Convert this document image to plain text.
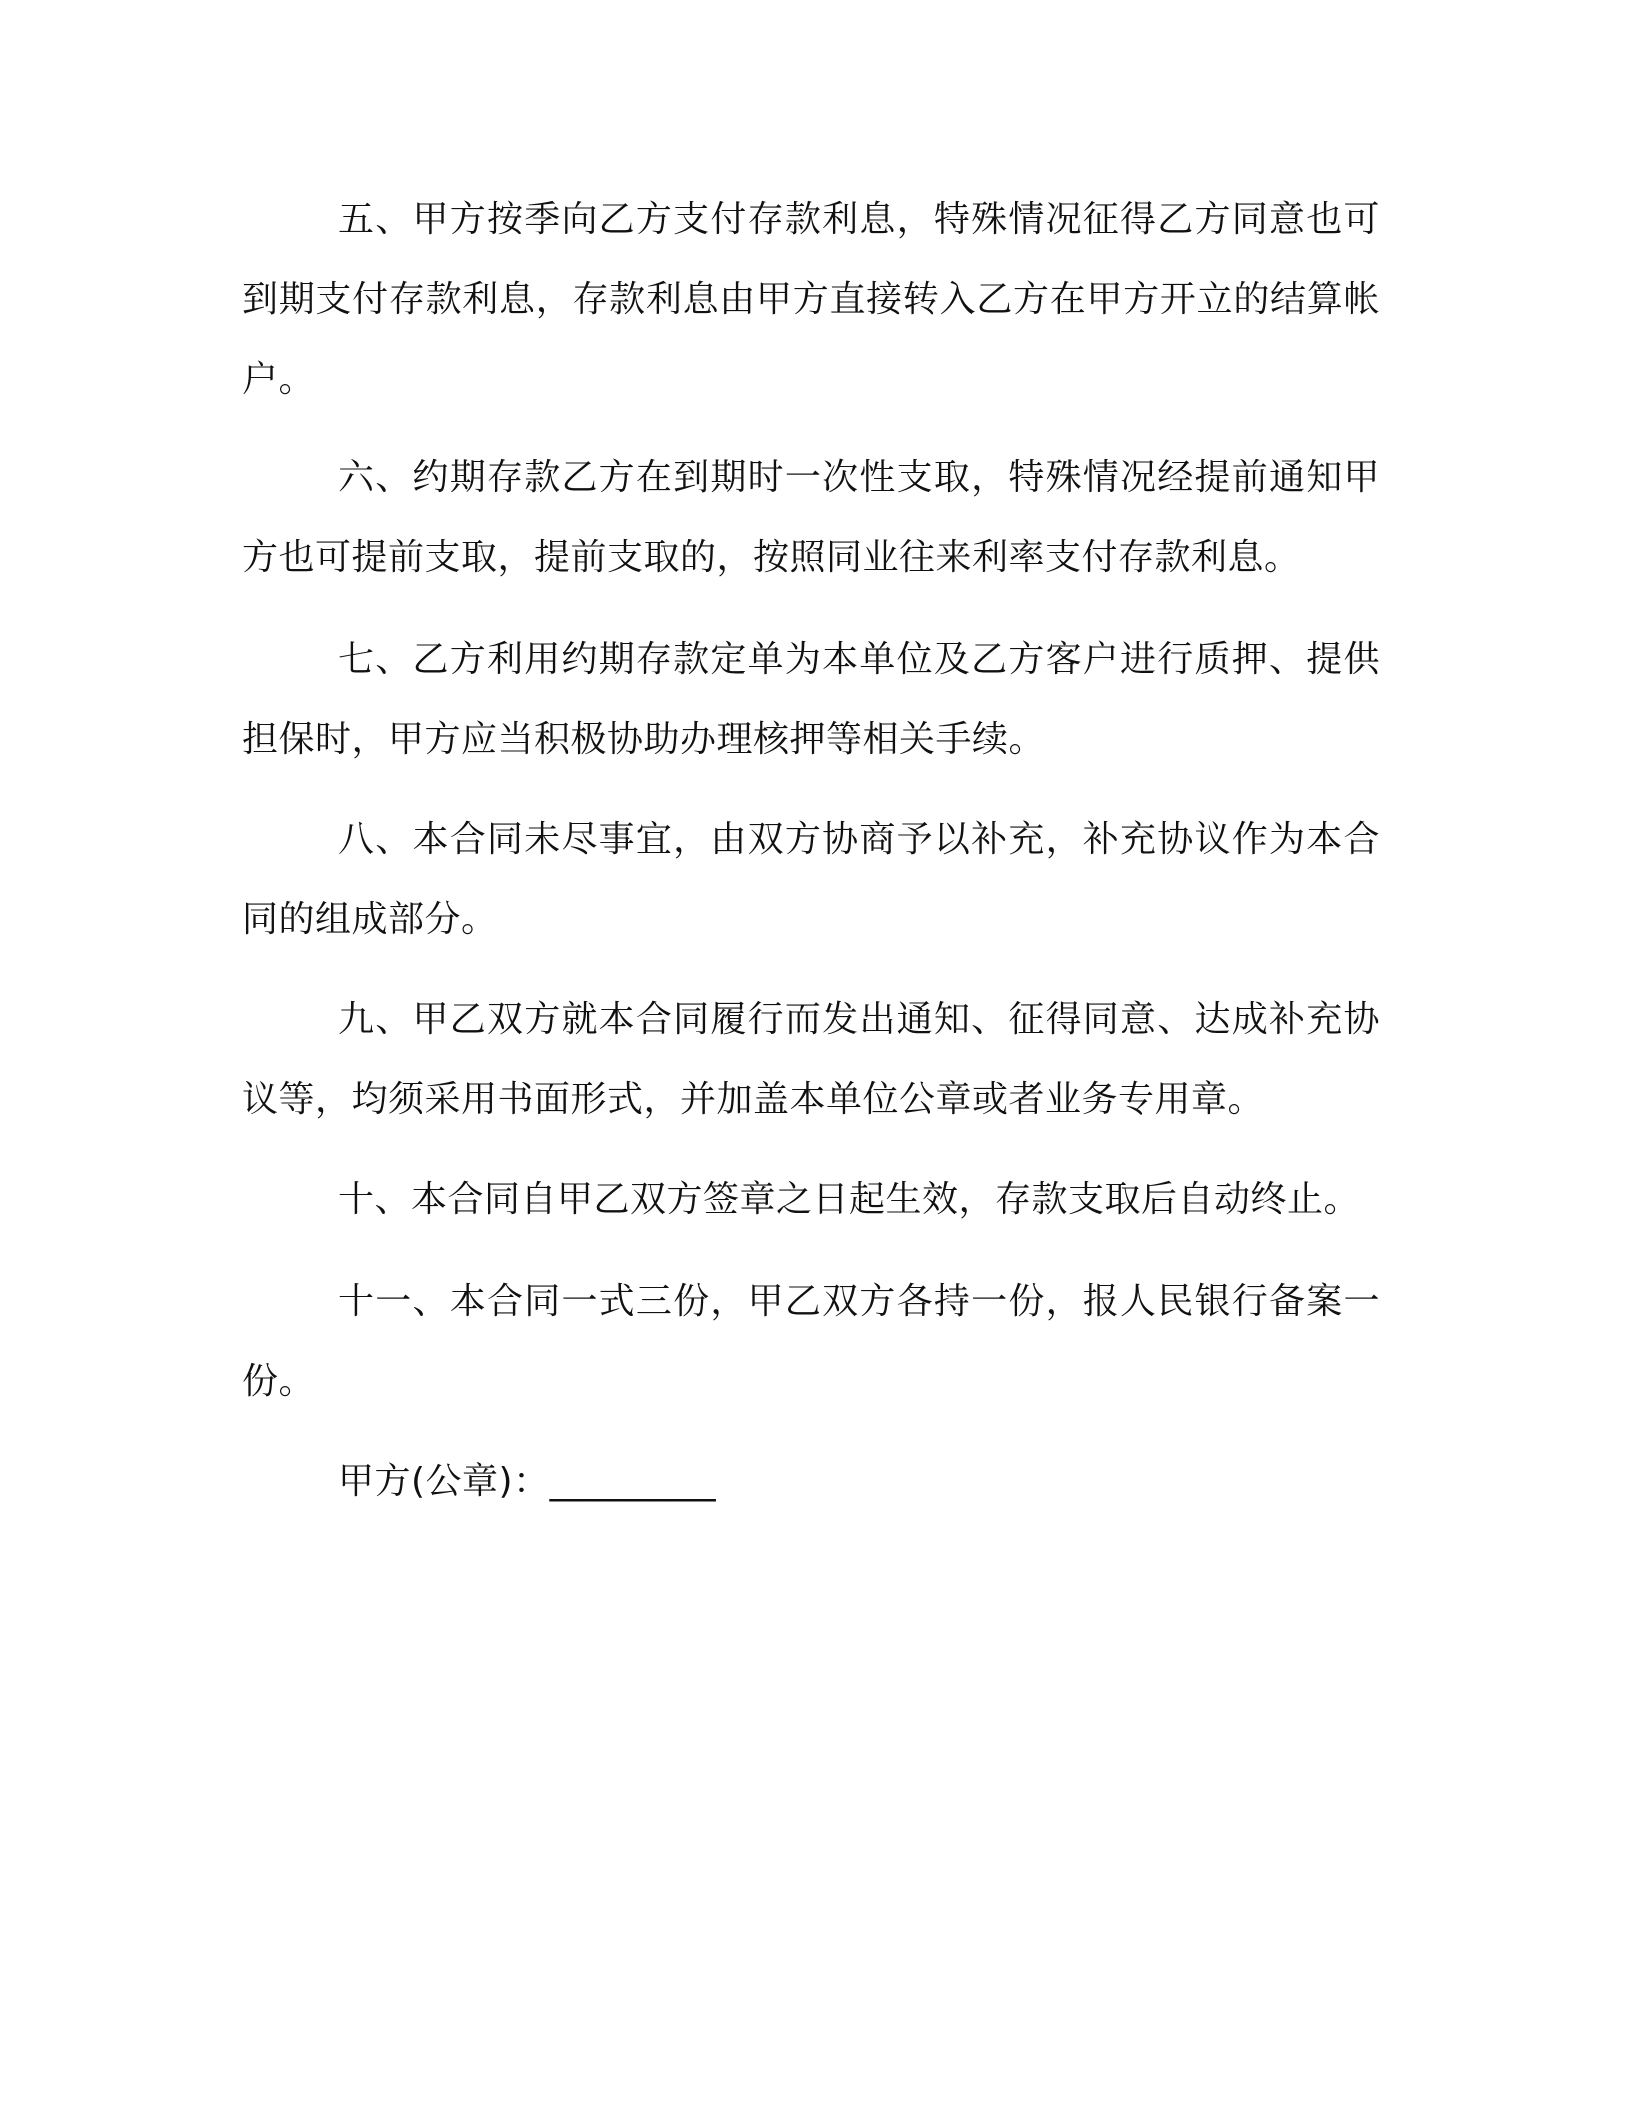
五、甲方按季向乙方支付存款利息，特殊情况征得乙方同意也可到期支付存款利息，存款利息由甲方直接转入乙方在甲方开立的结算帐户。

六、约期存款乙方在到期时一次性支取，特殊情况经提前通知甲方也可提前支取，提前支取的，按照同业往来利率支付存款利息。

七、乙方利用约期存款定单为本单位及乙方客户进行质押、提供担保时，甲方应当积极协助办理核押等相关手续。

八、本合同未尽事宜，由双方协商予以补充，补充协议作为本合同的组成部分。

九、甲乙双方就本合同履行而发出通知、征得同意、达成补充协议等，均须采用书面形式，并加盖本单位公章或者业务专用章。

十、本合同自甲乙双方签章之日起生效，存款支取后自动终止。

十一、本合同一式三份，甲乙双方各持一份，报人民银行备案一份。

甲方(公章)：_________
